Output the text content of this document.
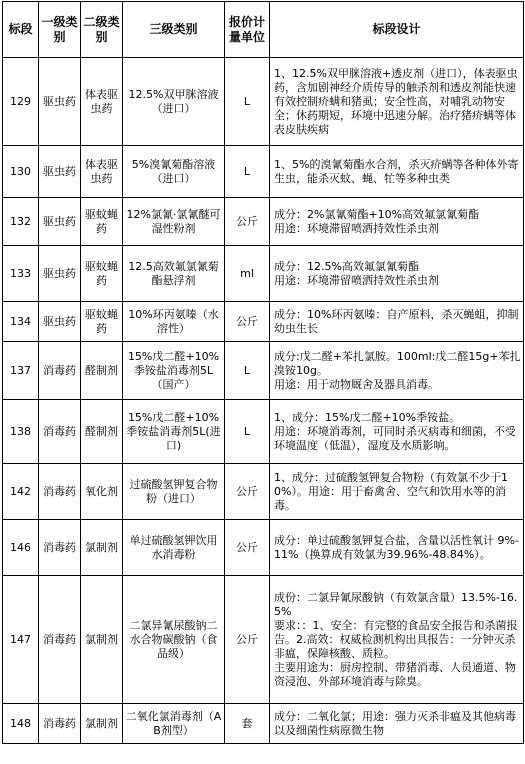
标段	一级类别	二级类别	三级类别	报价计量单位	标段设计
129	驱虫药	体表驱虫药	12.5%双甲脒溶液（进口）	L	1、12.5%双甲脒溶液+透皮剂（进口），体表驱虫药，含加剧神经介质传导的触杀剂和透皮剂能快速有效控制疥螨和猪虱；安全性高，对哺乳动物安全；休药期短，环境中迅速分解。治疗猪疥螨等体表皮肤疾病
130	驱虫药	体表驱虫药	5%溴氰菊酯溶液（进口）	L	1、5%的溴氰菊酯水合剂，杀灭疥螨等各种体外寄生虫，能杀灭蚊、蝇、牤等多种虫类
132	驱虫药	驱蚊蝇药	12%氯氰·氯氰醚可湿性粉剂	公斤	成分：2%氯氰菊酯+10%高效氟氯氰菊酯
用途：环境滞留喷洒持效性杀虫剂
133	驱虫药	驱蚊蝇药	12.5高效氟氯氰菊酯悬浮剂	ml	成分：12.5%高效氟氯氰菊酯
用途：环境滞留喷洒持效性杀虫剂
134	驱虫药	驱蚊蝇药	10%环丙氨嗪（水溶性）	公斤	成分：10%环丙氨嗪：自产原料，杀灭蝇蛆，抑制幼虫生长
137	消毒药	醛制剂	15%戊二醛+10%季铵盐消毒剂5L（国产）	L	成分:戊二醛+苯扎氯胺。100ml:戊二醛15g+苯扎溴铵10g。
用途：用于动物厩舍及器具消毒。
138	消毒药	醛制剂	15%戊二醛+10%季铵盐消毒剂5L(进口)	L	1、成分：15%戊二醛+10%季铵盐。
用途：环境消毒剂，可同时杀灭病毒和细菌，不受环境温度（低温），湿度及水质影响。
142	消毒药	氧化剂	过硫酸氢钾复合物粉（进口）	公斤	1、成分：过硫酸氢钾复合物粉（有效氯不少于10%）。用途：用于畜禽舍、空气和饮用水等的消毒。
146	消毒药	氯制剂	单过硫酸氢钾饮用水消毒粉	公斤	成分：单过硫酸氢钾复合盐，含量以活性氧计 9%- 11%（换算成有效氯为39.96%-48.84%）。
147	消毒药	氯制剂	二氯异氰尿酸钠二水合物碳酸钠（食品级）	公斤	成份：二氯异氰尿酸钠（有效氯含量）13.5%-16.5%
要求：：1、安全：有完整的食品安全报告和杀菌报告。2.高效：权威检测机构出具报告：一分钟灭杀非瘟，保障核酸、质粒。
主要用途为：厨房控制、带猪消毒、人员通道、物资浸泡、外部环境消毒与除臭。
148	消毒药	氯制剂	二氧化氯消毒剂（AB剂型）	套	成分：二氧化氯；用途：强力灭杀非瘟及其他病毒以及细菌性病原微生物
